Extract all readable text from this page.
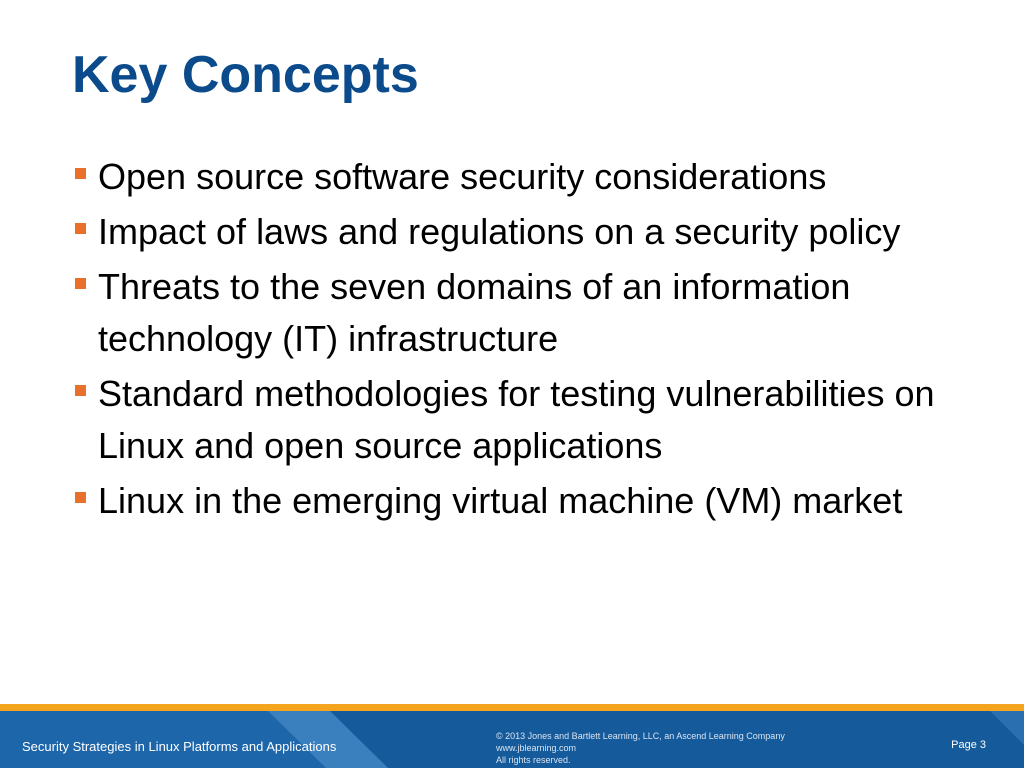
Key Concepts
Open source software security considerations
Impact of laws and regulations on a security policy
Threats to the seven domains of an information technology (IT) infrastructure
Standard methodologies for testing vulnerabilities on Linux and open source applications
Linux in the emerging virtual machine (VM) market
Security Strategies in Linux Platforms and Applications
© 2013 Jones and Bartlett Learning, LLC, an Ascend Learning Company
www.jblearning.com
All rights reserved.
Page 3
